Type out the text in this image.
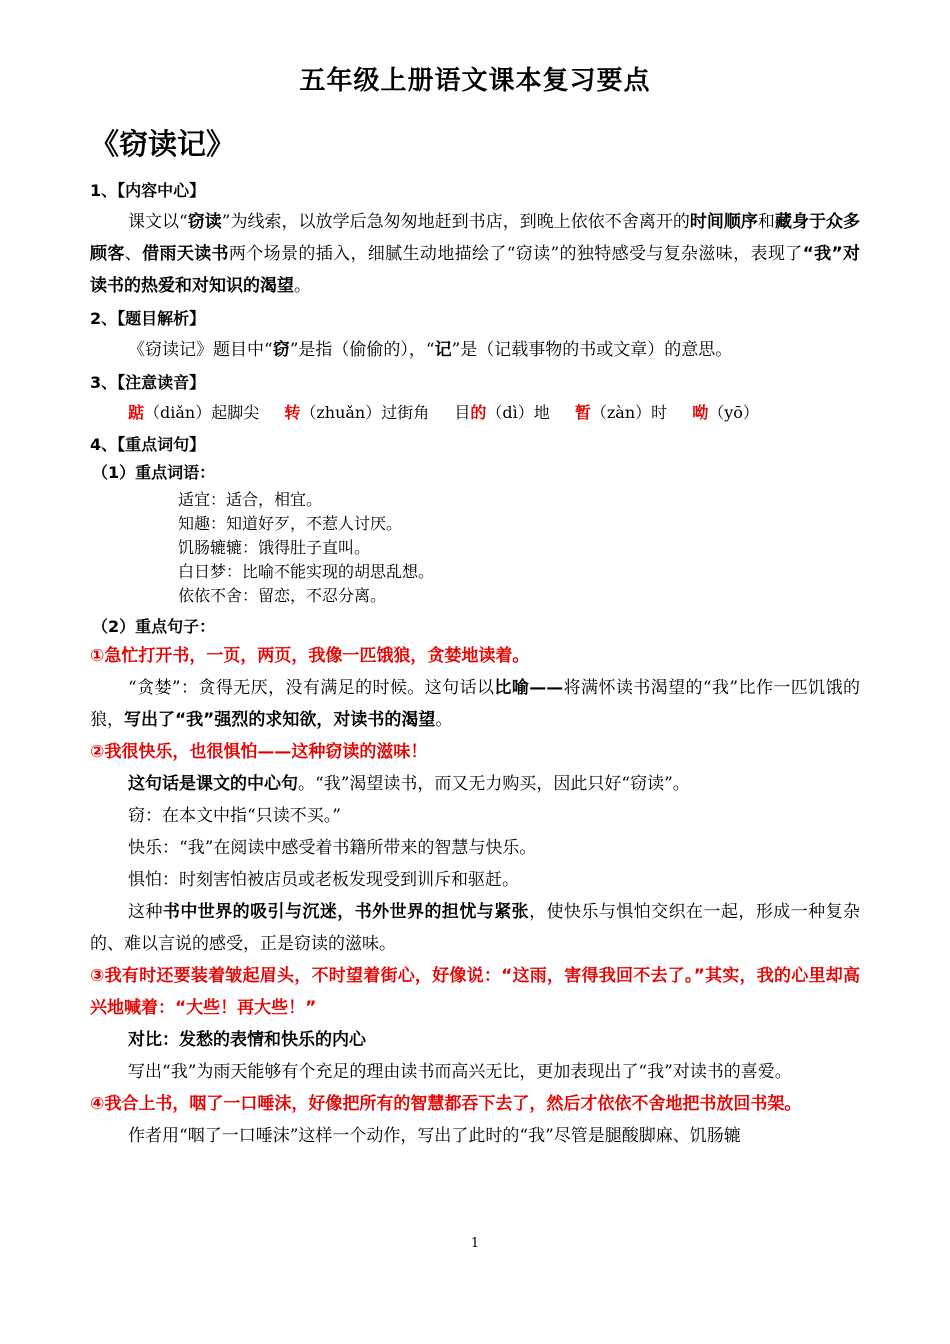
五年级上册语文课本复习要点
《窃读记》
1、【内容中心】

课文以“窃读”为线索，以放学后急匆匆地赶到书店，到晚上依依不舍离开的时间顺序和藏身于众多顾客、借雨天读书两个场景的插入，细腻生动地描绘了“窃读”的独特感受与复杂滋味，表现了“我”对读书的热爱和对知识的渴望。

2、【题目解析】

《窃读记》题目中“窃”是指（偷偷的），“记”是（记载事物的书或文章）的意思。

3、【注意读音】

踮（diǎn）起脚尖 转（zhuǎn）过街角 目的（dì）地 暂（zàn）时 呦（yō）

4、【重点词句】
（1）重点词语：
适宜：适合，相宜。
知趣：知道好歹，不惹人讨厌。
饥肠辘辘：饿得肚子直叫。
白日梦：比喻不能实现的胡思乱想。
依依不舍：留恋，不忍分离。
（2）重点句子：

①急忙打开书，一页，两页，我像一匹饿狼，贪婪地读着。

“贪婪”：贪得无厌，没有满足的时候。这句话以比喻——将满怀读书渴望的“我”比作一匹饥饿的狼，写出了“我”强烈的求知欲，对读书的渴望。

②我很快乐，也很惧怕——这种窃读的滋味！

这句话是课文的中心句。“我”渴望读书，而又无力购买，因此只好“窃读”。

窃：在本文中指“只读不买。”

快乐：“我”在阅读中感受着书籍所带来的智慧与快乐。

惧怕：时刻害怕被店员或老板发现受到训斥和驱赶。

这种书中世界的吸引与沉迷，书外世界的担忧与紧张，使快乐与惧怕交织在一起，形成一种复杂的、难以言说的感受，正是窃读的滋味。

③我有时还要装着皱起眉头，不时望着街心，好像说：“这雨，害得我回不去了。”其实，我的心里却高兴地喊着：“大些！再大些！”

对比：发愁的表情和快乐的内心

写出“我”为雨天能够有个充足的理由读书而高兴无比，更加表现出了“我”对读书的喜爱。

④我合上书，咽了一口唾沫，好像把所有的智慧都吞下去了，然后才依依不舍地把书放回书架。

作者用“咽了一口唾沫”这样一个动作，写出了此时的“我”尽管是腿酸脚麻、饥肠辘

1
